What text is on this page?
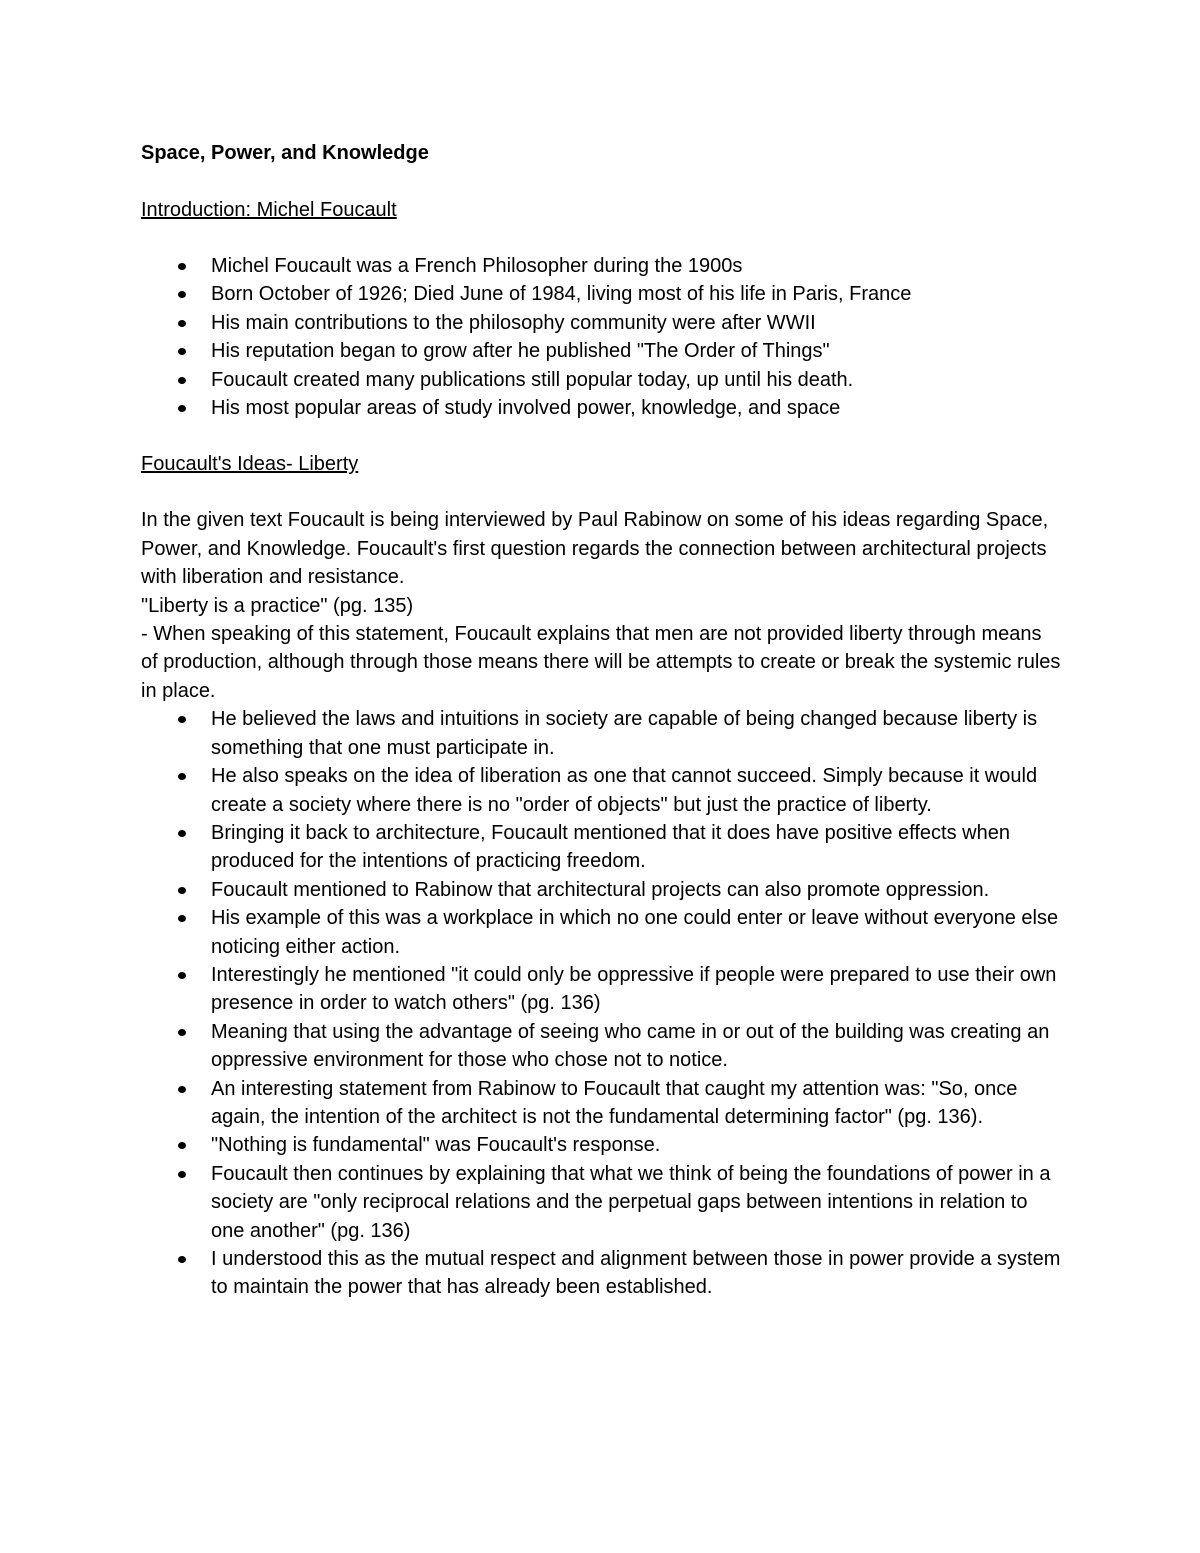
Space, Power, and Knowledge

Introduction: Michel Foucault

Michel Foucault was a French Philosopher during the 1900s
Born October of 1926; Died June of 1984, living most of his life in Paris, France
His main contributions to the philosophy community were after WWII
His reputation began to grow after he published "The Order of Things"
Foucault created many publications still popular today, up until his death.
His most popular areas of study involved power, knowledge, and space

Foucault's Ideas- Liberty

In the given text Foucault is being interviewed by Paul Rabinow on some of his ideas regarding Space, Power, and Knowledge. Foucault's first question regards the connection between architectural projects with liberation and resistance.

"Liberty is a practice" (pg. 135)

- When speaking of this statement, Foucault explains that men are not provided liberty through means of production, although through those means there will be attempts to create or break the systemic rules in place.

He believed the laws and intuitions in society are capable of being changed because liberty is something that one must participate in.
He also speaks on the idea of liberation as one that cannot succeed. Simply because it would create a society where there is no "order of objects" but just the practice of liberty.
Bringing it back to architecture, Foucault mentioned that it does have positive effects when produced for the intentions of practicing freedom.
Foucault mentioned to Rabinow that architectural projects can also promote oppression.
His example of this was a workplace in which no one could enter or leave without everyone else noticing either action.
Interestingly he mentioned "it could only be oppressive if people were prepared to use their own presence in order to watch others" (pg. 136)
Meaning that using the advantage of seeing who came in or out of the building was creating an oppressive environment for those who chose not to notice.
An interesting statement from Rabinow to Foucault that caught my attention was: "So, once again, the intention of the architect is not the fundamental determining factor" (pg. 136).
"Nothing is fundamental" was Foucault's response.
Foucault then continues by explaining that what we think of being the foundations of power in a society are "only reciprocal relations and the perpetual gaps between intentions in relation to one another" (pg. 136)
I understood this as the mutual respect and alignment between those in power provide a system to maintain the power that has already been established.
